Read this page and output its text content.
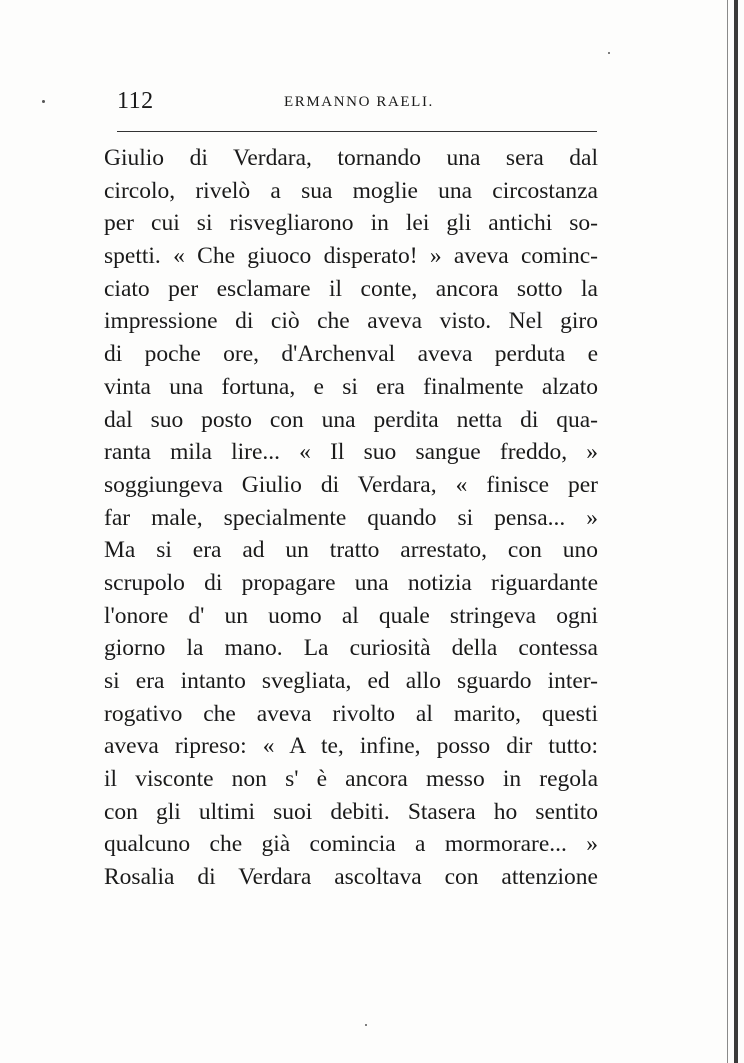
112	ERMANNO RAELI.
Giulio di Verdara, tornando una sera dal
circolo, rivelò a sua moglie una circostanza
per cui si risvegliarono in lei gli antichi so-
spetti. « Che giuoco disperato! » aveva cominc-
ciato per esclamare il conte, ancora sotto la
impressione di ciò che aveva visto. Nel giro
di poche ore, d'Archenval aveva perduta e
vinta una fortuna, e si era finalmente alzato
dal suo posto con una perdita netta di qua-
ranta mila lire... « Il suo sangue freddo, »
soggiungeva Giulio di Verdara, « finisce per
far male, specialmente quando si pensa... »
Ma si era ad un tratto arrestato, con uno
scrupolo di propagare una notizia riguardante
l'onore d' un uomo al quale stringeva ogni
giorno la mano. La curiosità della contessa
si era intanto svegliata, ed allo sguardo inter-
rogativo che aveva rivolto al marito, questi
aveva ripreso: « A te, infine, posso dir tutto:
il visconte non s' è ancora messo in regola
con gli ultimi suoi debiti. Stasera ho sentito
qualcuno che già comincia a mormorare... »
Rosalia di Verdara ascoltava con attenzione
